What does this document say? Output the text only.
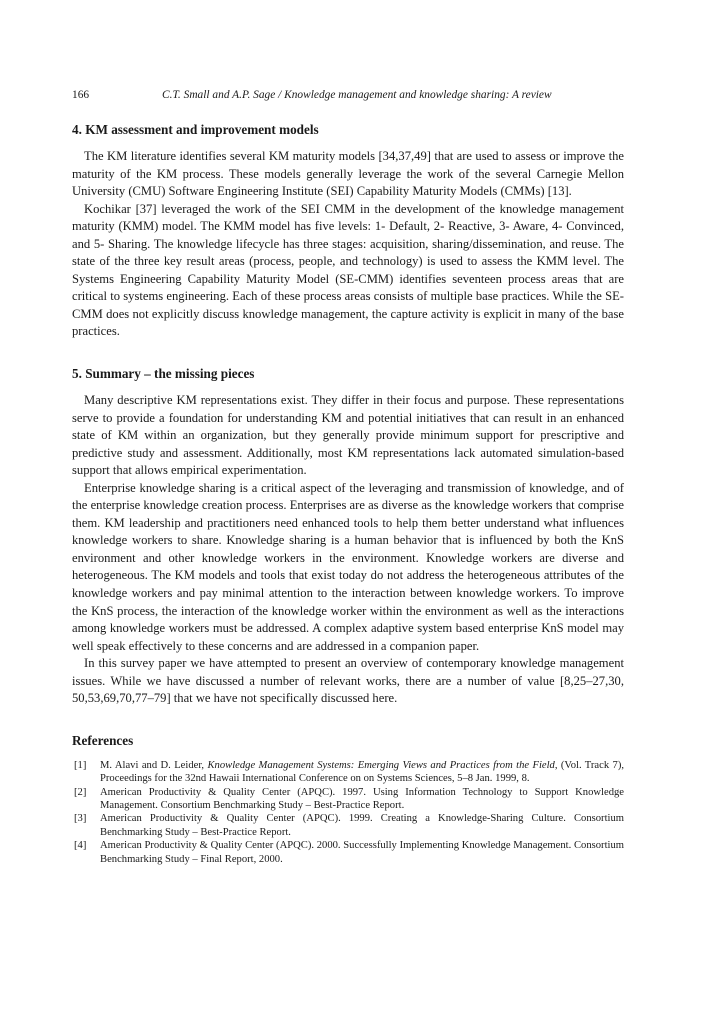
166	C.T. Small and A.P. Sage / Knowledge management and knowledge sharing: A review
4. KM assessment and improvement models

The KM literature identifies several KM maturity models [34,37,49] that are used to assess or improve the maturity of the KM process. These models generally leverage the work of the several Carnegie Mellon University (CMU) Software Engineering Institute (SEI) Capability Maturity Models (CMMs) [13].

Kochikar [37] leveraged the work of the SEI CMM in the development of the knowledge management maturity (KMM) model. The KMM model has five levels: 1- Default, 2- Reactive, 3- Aware, 4- Convinced, and 5- Sharing. The knowledge lifecycle has three stages: acquisition, sharing/dissemination, and reuse. The state of the three key result areas (process, people, and technology) is used to assess the KMM level. The Systems Engineering Capability Maturity Model (SE-CMM) identifies seventeen process areas that are critical to systems engineering. Each of these process areas consists of multiple base practices. While the SE-CMM does not explicitly discuss knowledge management, the capture activity is explicit in many of the base practices.

5. Summary – the missing pieces

Many descriptive KM representations exist. They differ in their focus and purpose. These representations serve to provide a foundation for understanding KM and potential initiatives that can result in an enhanced state of KM within an organization, but they generally provide minimum support for prescriptive and predictive study and assessment. Additionally, most KM representations lack automated simulation-based support that allows empirical experimentation.

Enterprise knowledge sharing is a critical aspect of the leveraging and transmission of knowledge, and of the enterprise knowledge creation process. Enterprises are as diverse as the knowledge workers that comprise them. KM leadership and practitioners need enhanced tools to help them better understand what influences knowledge workers to share. Knowledge sharing is a human behavior that is influenced by both the KnS environment and other knowledge workers in the environment. Knowledge workers are diverse and heterogeneous. The KM models and tools that exist today do not address the heterogeneous attributes of the knowledge workers and pay minimal attention to the interaction between knowledge workers. To improve the KnS process, the interaction of the knowledge worker within the environment as well as the interactions among knowledge workers must be addressed. A complex adaptive system based enterprise KnS model may well speak effectively to these concerns and are addressed in a companion paper.

In this survey paper we have attempted to present an overview of contemporary knowledge management issues. While we have discussed a number of relevant works, there are a number of value [8,25–27,30, 50,53,69,70,77–79] that we have not specifically discussed here.

References
[1]	M. Alavi and D. Leider, Knowledge Management Systems: Emerging Views and Practices from the Field, (Vol. Track 7), Proceedings for the 32nd Hawaii International Conference on on Systems Sciences, 5–8 Jan. 1999, 8.
[2]	American Productivity & Quality Center (APQC). 1997. Using Information Technology to Support Knowledge Management. Consortium Benchmarking Study – Best-Practice Report.
[3]	American Productivity & Quality Center (APQC). 1999. Creating a Knowledge-Sharing Culture. Consortium Benchmarking Study – Best-Practice Report.
[4]	American Productivity & Quality Center (APQC). 2000. Successfully Implementing Knowledge Management. Consortium Benchmarking Study – Final Report, 2000.
